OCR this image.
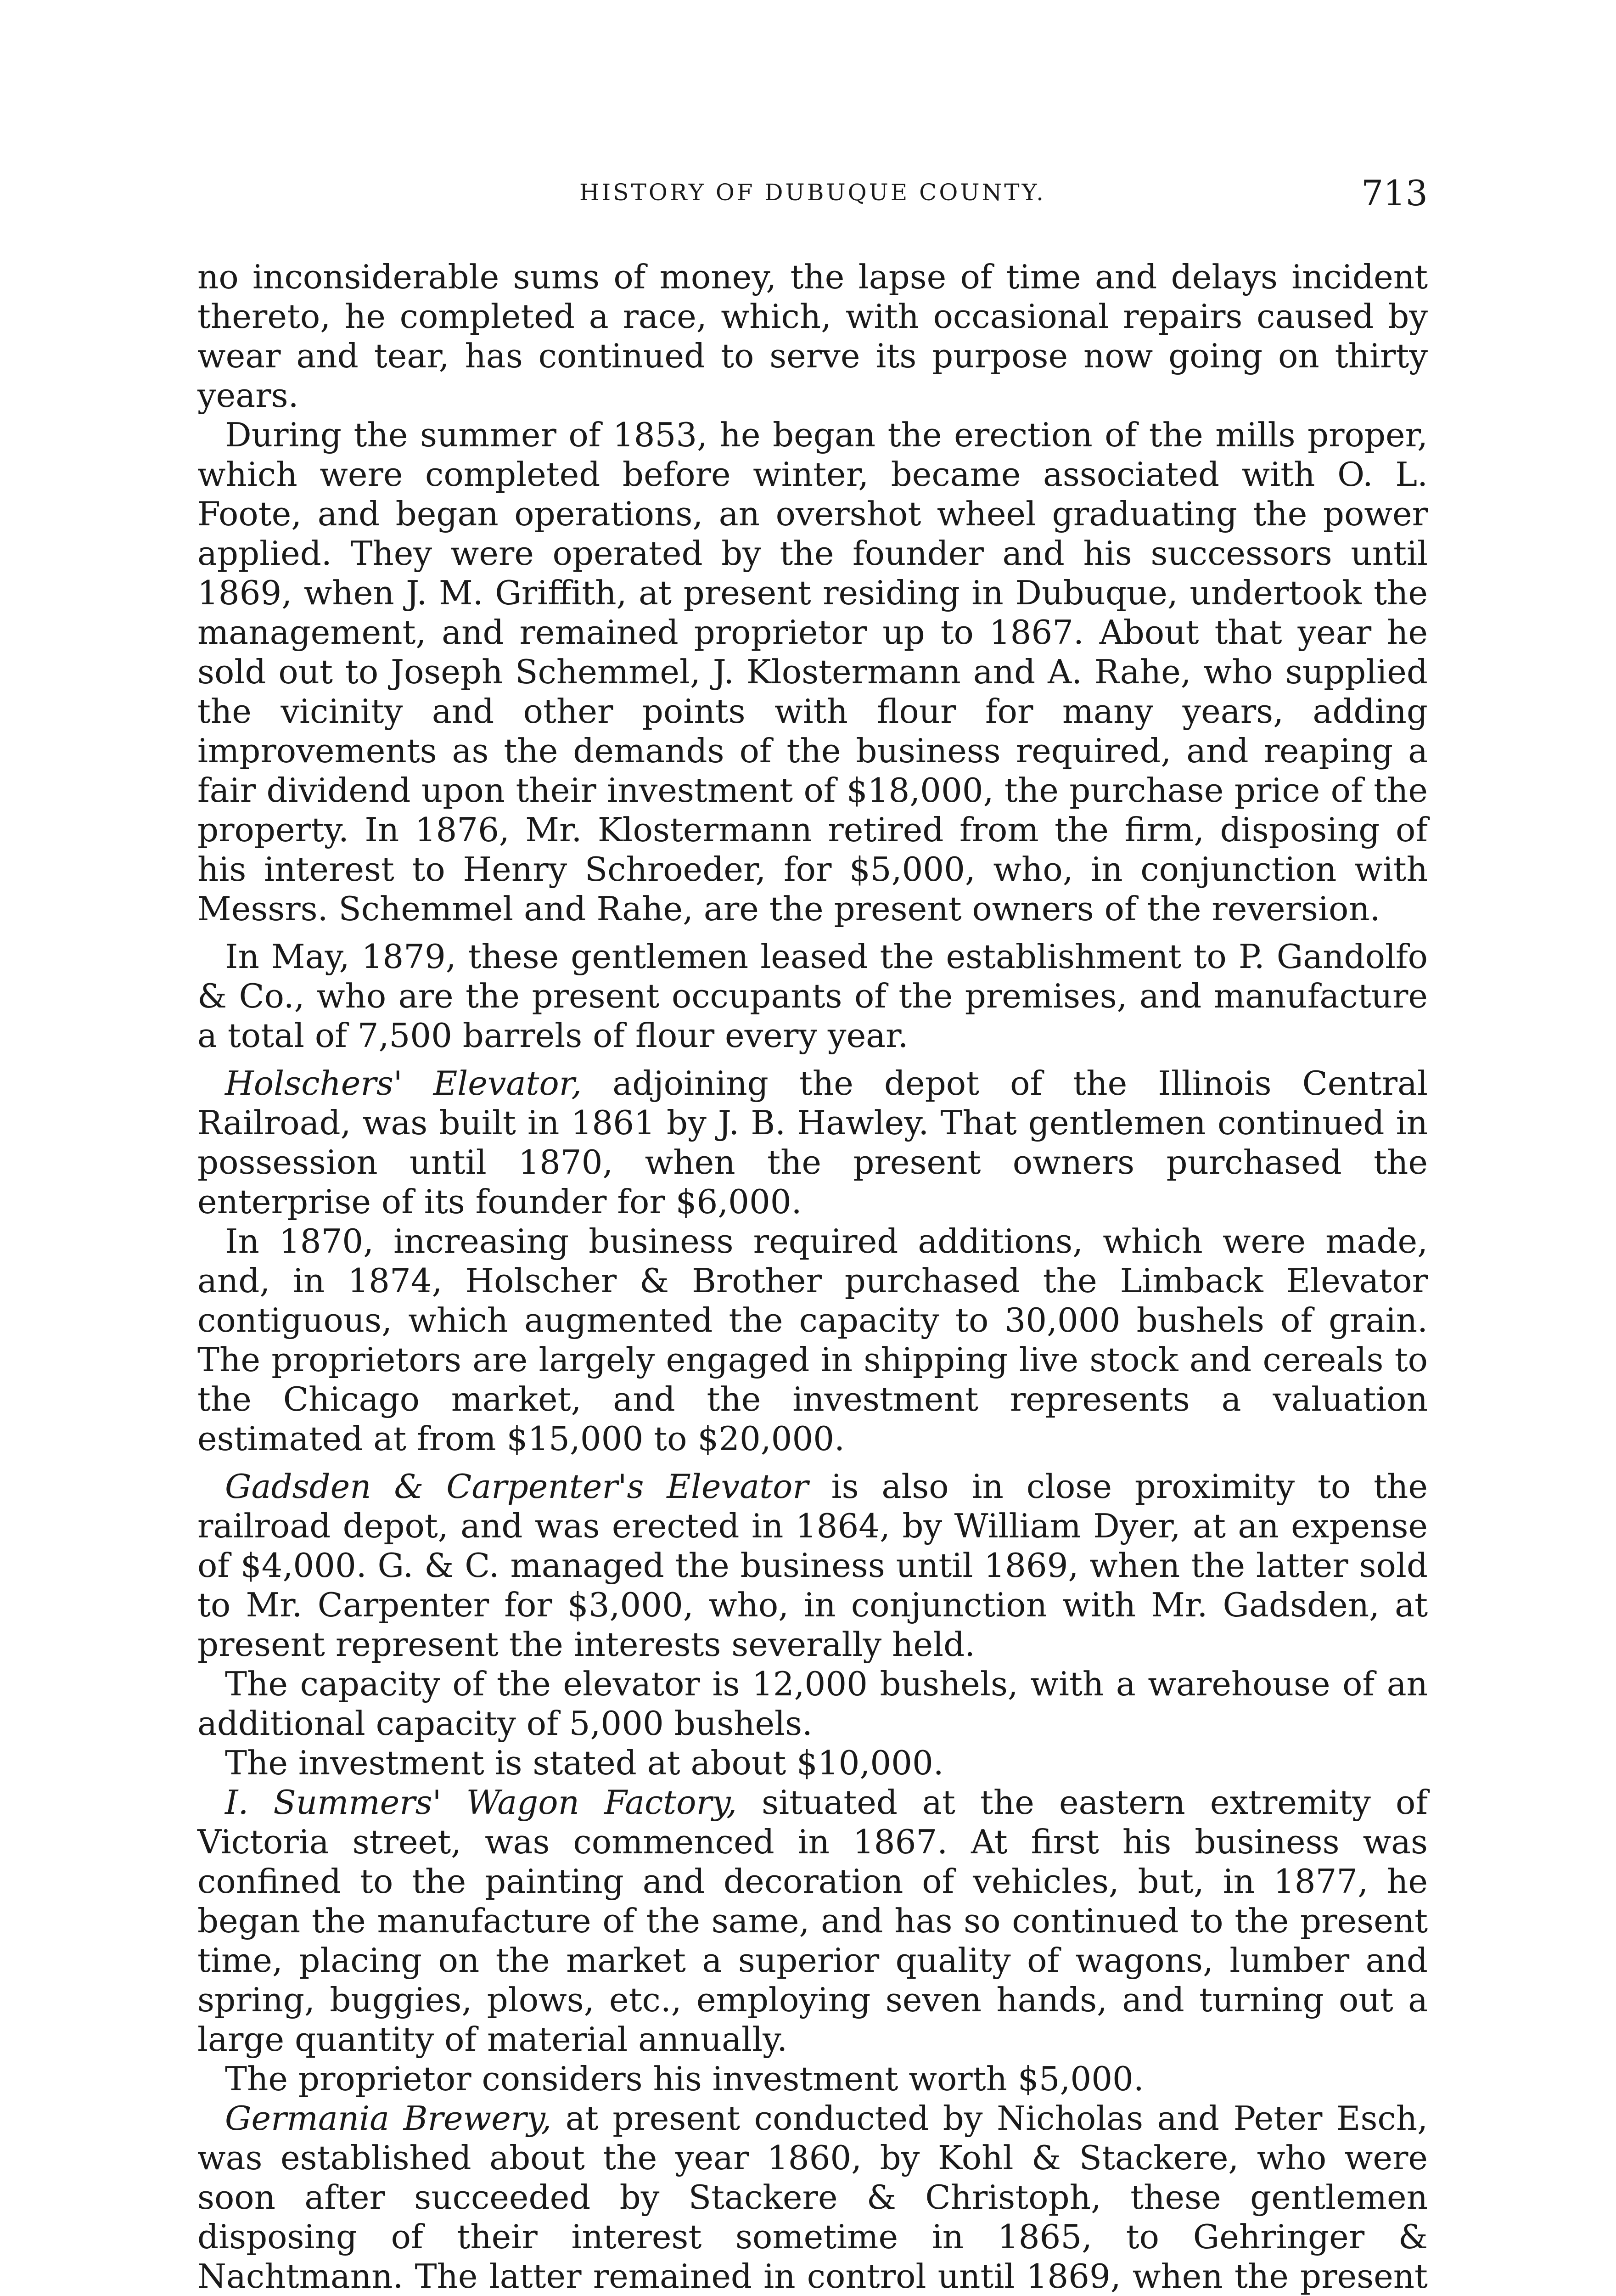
HISTORY OF DUBUQUE COUNTY.	713

no inconsiderable sums of money, the lapse of time and delays incident thereto, he completed a race, which, with occasional repairs caused by wear and tear, has continued to serve its purpose now going on thirty years.

During the summer of 1853, he began the erection of the mills proper, which were completed before winter, became associated with O. L. Foote, and began operations, an overshot wheel graduating the power applied. They were operated by the founder and his successors until 1869, when J. M. Griffith, at present residing in Dubuque, undertook the management, and remained proprietor up to 1867. About that year he sold out to Joseph Schemmel, J. Klostermann and A. Rahe, who supplied the vicinity and other points with flour for many years, adding improvements as the demands of the business required, and reaping a fair dividend upon their investment of $18,000, the purchase price of the property. In 1876, Mr. Klostermann retired from the firm, disposing of his interest to Henry Schroeder, for $5,000, who, in conjunction with Messrs. Schemmel and Rahe, are the present owners of the reversion.

In May, 1879, these gentlemen leased the establishment to P. Gandolfo & Co., who are the present occupants of the premises, and manufacture a total of 7,500 barrels of flour every year.

Holschers' Elevator, adjoining the depot of the Illinois Central Railroad, was built in 1861 by J. B. Hawley. That gentlemen continued in possession until 1870, when the present owners purchased the enterprise of its founder for $6,000.

In 1870, increasing business required additions, which were made, and, in 1874, Holscher & Brother purchased the Limback Elevator contiguous, which augmented the capacity to 30,000 bushels of grain. The proprietors are largely engaged in shipping live stock and cereals to the Chicago market, and the investment represents a valuation estimated at from $15,000 to $20,000.

Gadsden & Carpenter's Elevator is also in close proximity to the railroad depot, and was erected in 1864, by William Dyer, at an expense of $4,000. G. & C. managed the business until 1869, when the latter sold to Mr. Carpenter for $3,000, who, in conjunction with Mr. Gadsden, at present represent the interests severally held.

The capacity of the elevator is 12,000 bushels, with a warehouse of an additional capacity of 5,000 bushels.

The investment is stated at about $10,000.

I. Summers' Wagon Factory, situated at the eastern extremity of Victoria street, was commenced in 1867. At first his business was confined to the painting and decoration of vehicles, but, in 1877, he began the manufacture of the same, and has so continued to the present time, placing on the market a superior quality of wagons, lumber and spring, buggies, plows, etc., employing seven hands, and turning out a large quantity of material annually.

The proprietor considers his investment worth $5,000.

Germania Brewery, at present conducted by Nicholas and Peter Esch, was established about the year 1860, by Kohl & Stackere, who were soon after succeeded by Stackere & Christoph, these gentlemen disposing of their interest sometime in 1865, to Gehringer & Nachtmann. The latter remained in control until 1869, when the present
